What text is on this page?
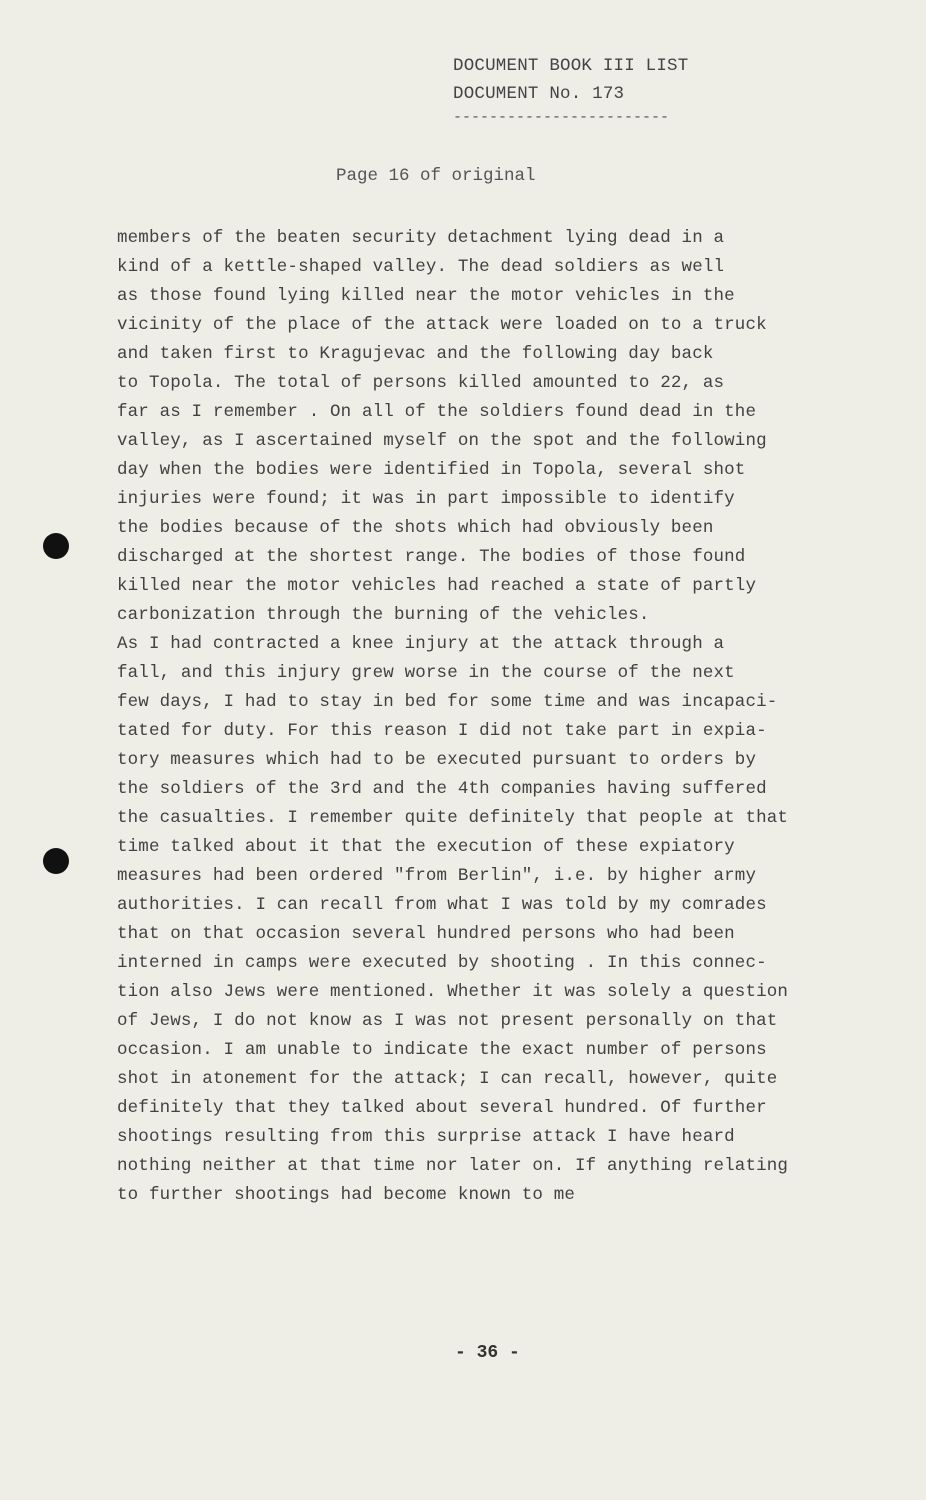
DOCUMENT BOOK III LIST
DOCUMENT No. 173
------------------------
Page 16 of original
members of the beaten security detachment lying dead in a
kind of a kettle-shaped valley. The dead soldiers as well
as those found lying killed near the motor vehicles in the
vicinity of the place of the attack were loaded on to a truck
and taken first to Kragujevac and the following day back
to Topola. The total of persons killed amounted to 22, as
far as I remember . On all of the soldiers found dead in the
valley, as I ascertained myself on the spot and the following
day when the bodies were identified in Topola, several shot
injuries were found; it was in part impossible to identify
the bodies because of the shots which had obviously been
discharged at the shortest range. The bodies of those found
killed near the motor vehicles had reached a state of partly
carbonization through the burning of the vehicles.
As I had contracted a knee injury at the attack through a
fall, and this injury grew worse in the course of the next
few days, I had to stay in bed for some time and was incapaci-
tated for duty. For this reason I did not take part in expia-
tory measures which had to be executed pursuant to orders by
the soldiers of the 3rd and the 4th companies having suffered
the casualties. I remember quite definitely that people at that
time talked about it that the execution of these expiatory
measures had been ordered "from Berlin", i.e. by higher army
authorities. I can recall from what I was told by my comrades
that on that occasion several hundred persons who had been
interned in camps were executed by shooting . In this connec-
tion also Jews were mentioned. Whether it was solely a question
of Jews, I do not know as I was not present personally on that
occasion. I am unable to indicate the exact number of persons
shot in atonement for the attack; I can recall, however, quite
definitely that they talked about several hundred. Of further
shootings resulting from this surprise attack I have heard
nothing neither at that time nor later on. If anything relating
to further shootings had become known to me
- 36 -
